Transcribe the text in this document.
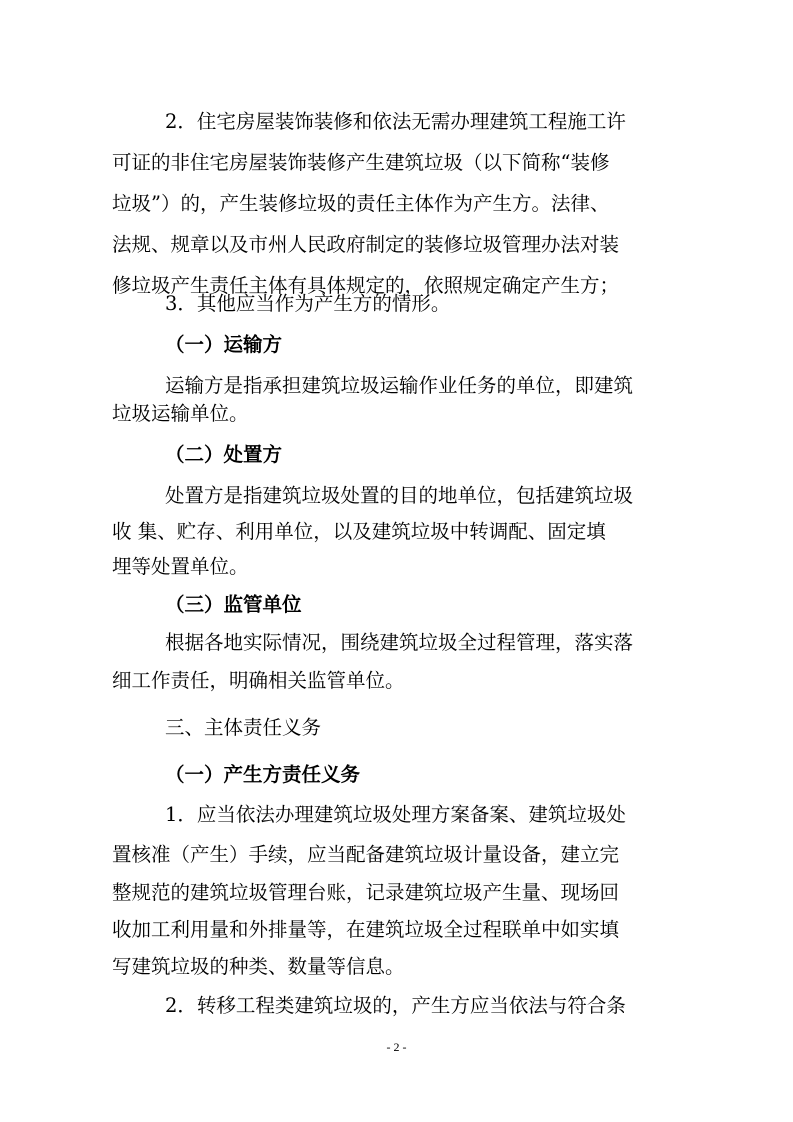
2．住宅房屋装饰装修和依法无需办理建筑工程施工许
可证的非住宅房屋装饰装修产生建筑垃圾（以下简称“装修
垃圾”）的，产生装修垃圾的责任主体作为产生方。法律、
法规、规章以及市州人民政府制定的装修垃圾管理办法对装
修垃圾产生责任主体有具体规定的，依照规定确定产生方；
3．其他应当作为产生方的情形。
（一）运输方
运输方是指承担建筑垃圾运输作业任务的单位，即建筑
垃圾运输单位。
（二）处置方
处置方是指建筑垃圾处置的目的地单位，包括建筑垃圾
收 集、贮存、利用单位，以及建筑垃圾中转调配、固定填
埋等处置单位。
（三）监管单位
根据各地实际情况，围绕建筑垃圾全过程管理，落实落
细工作责任，明确相关监管单位。
三、主体责任义务
（一）产生方责任义务
1．应当依法办理建筑垃圾处理方案备案、建筑垃圾处
置核准（产生）手续，应当配备建筑垃圾计量设备，建立完
整规范的建筑垃圾管理台账，记录建筑垃圾产生量、现场回
收加工利用量和外排量等，在建筑垃圾全过程联单中如实填
写建筑垃圾的种类、数量等信息。
2．转移工程类建筑垃圾的，产生方应当依法与符合条
- 2 -
